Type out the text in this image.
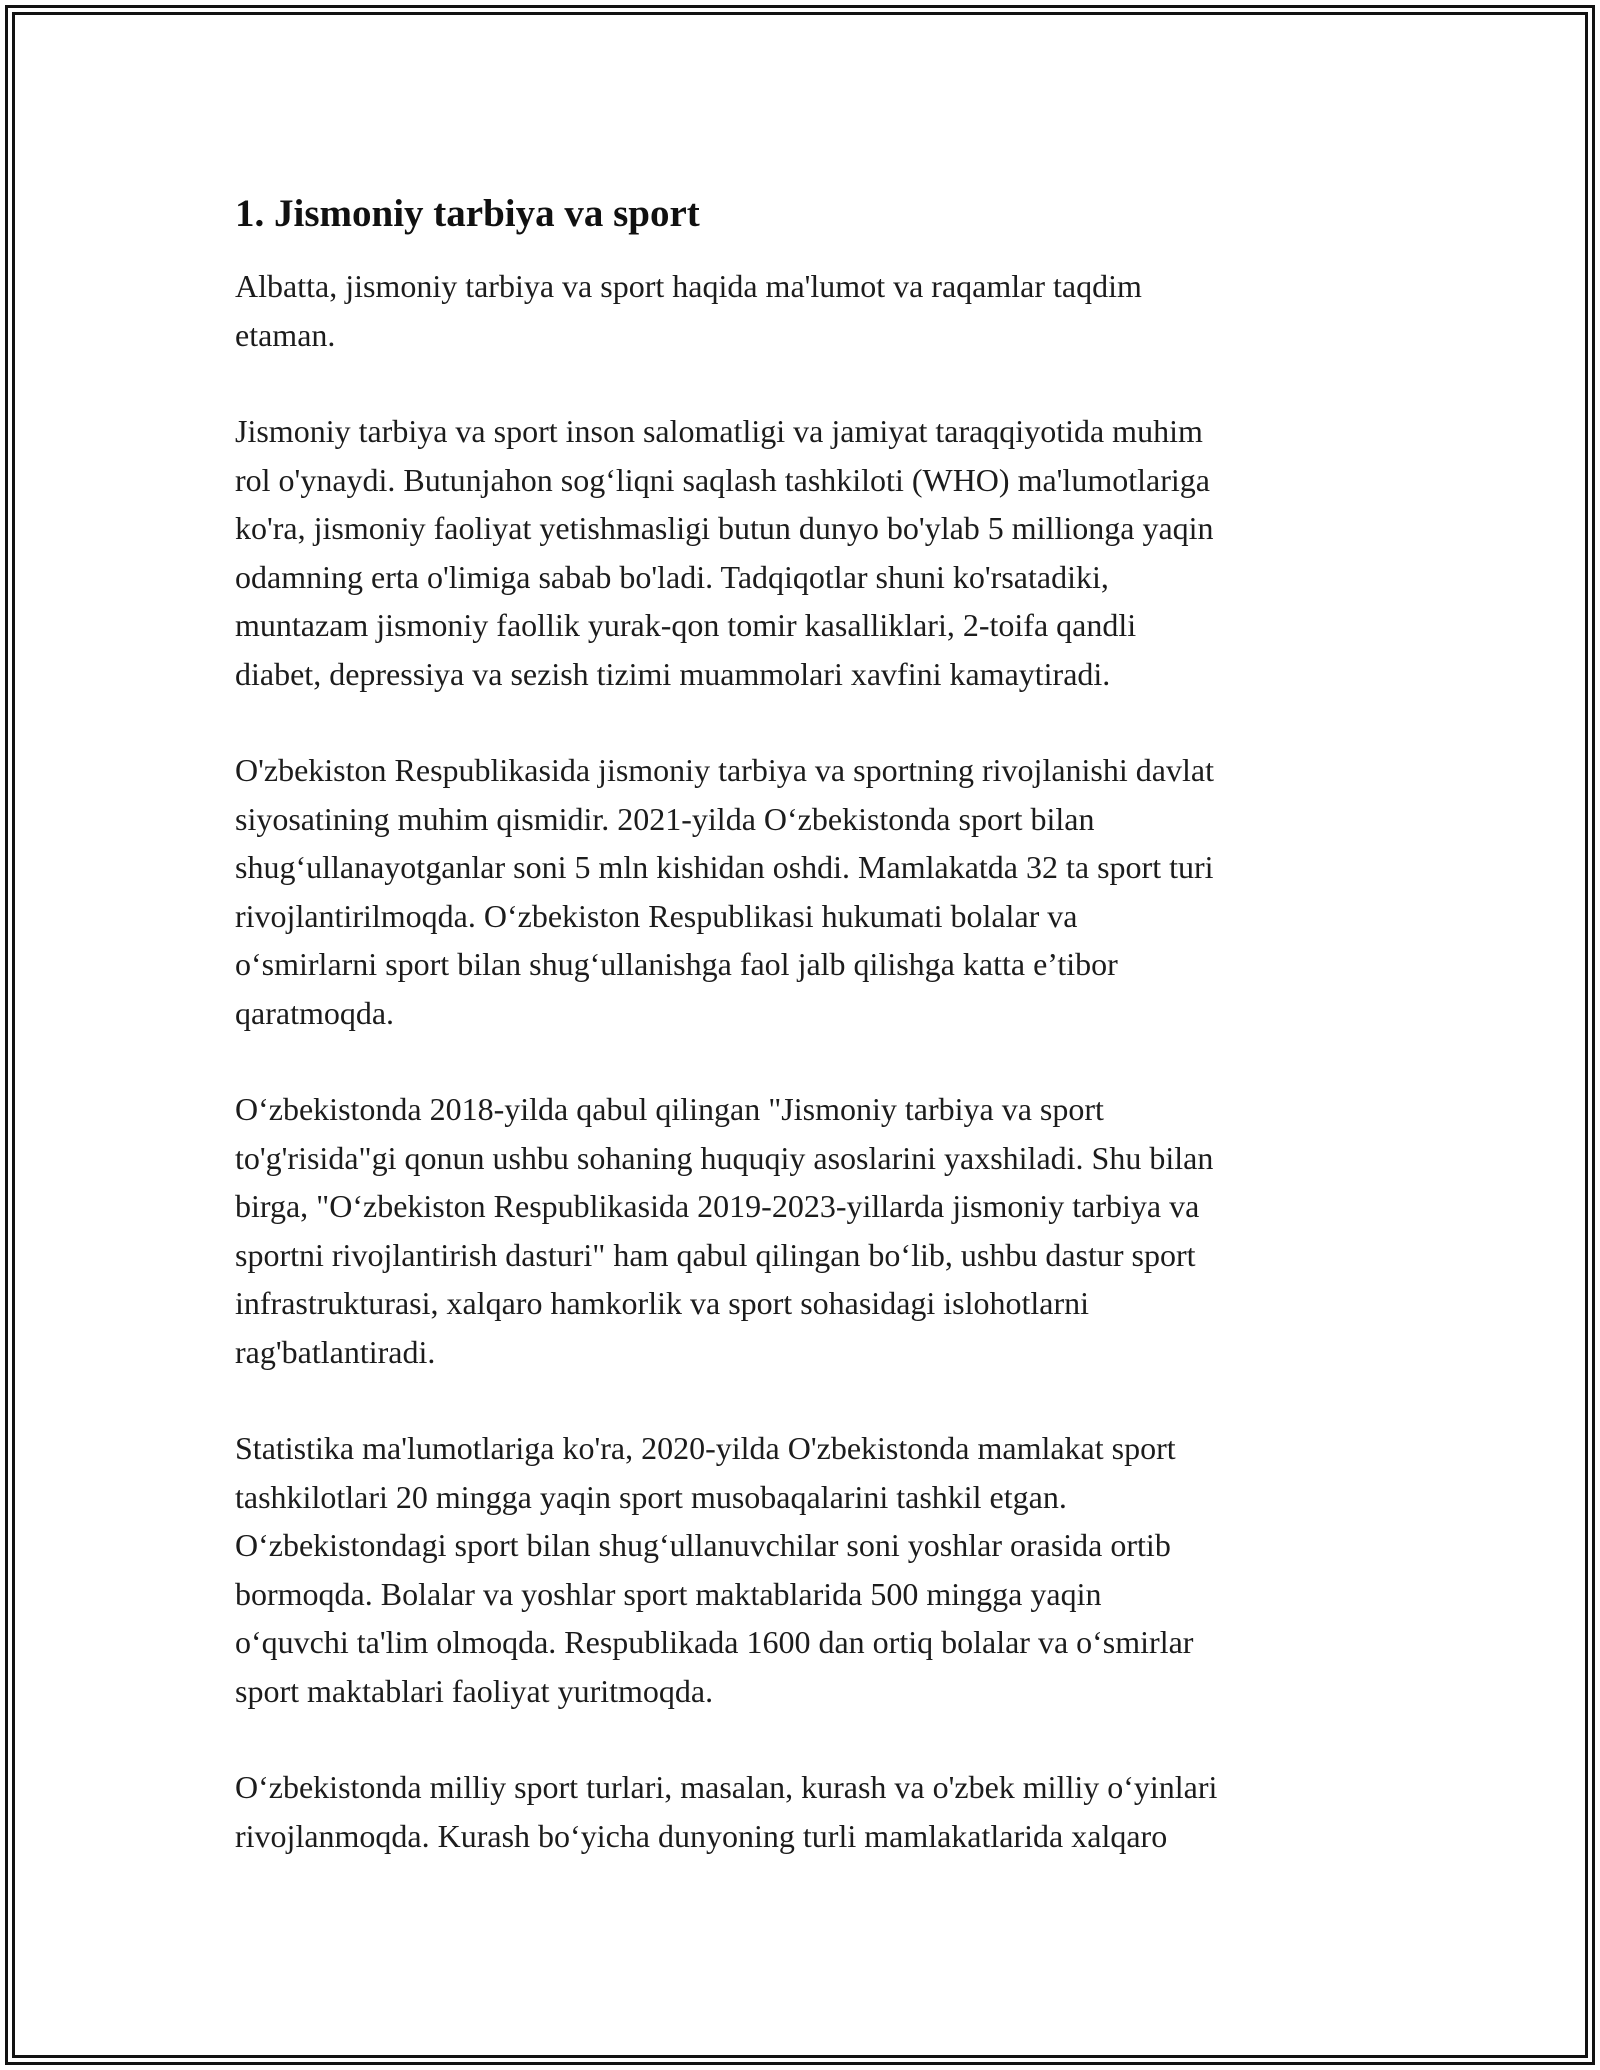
1. Jismoniy tarbiya va sport

Albatta, jismoniy tarbiya va sport haqida ma'lumot va raqamlar taqdim
etaman.

Jismoniy tarbiya va sport inson salomatligi va jamiyat taraqqiyotida muhim
rol o'ynaydi. Butunjahon sog‘liqni saqlash tashkiloti (WHO) ma'lumotlariga
ko'ra, jismoniy faoliyat yetishmasligi butun dunyo bo'ylab 5 millionga yaqin
odamning erta o'limiga sabab bo'ladi. Tadqiqotlar shuni ko'rsatadiki,
muntazam jismoniy faollik yurak-qon tomir kasalliklari, 2-toifa qandli
diabet, depressiya va sezish tizimi muammolari xavfini kamaytiradi.

O'zbekiston Respublikasida jismoniy tarbiya va sportning rivojlanishi davlat
siyosatining muhim qismidir. 2021-yilda O‘zbekistonda sport bilan
shug‘ullanayotganlar soni 5 mln kishidan oshdi. Mamlakatda 32 ta sport turi
rivojlantirilmoqda. O‘zbekiston Respublikasi hukumati bolalar va
o‘smirlarni sport bilan shug‘ullanishga faol jalb qilishga katta e’tibor
qaratmoqda.

O‘zbekistonda 2018-yilda qabul qilingan "Jismoniy tarbiya va sport
to'g'risida"gi qonun ushbu sohaning huquqiy asoslarini yaxshiladi. Shu bilan
birga, "O‘zbekiston Respublikasida 2019-2023-yillarda jismoniy tarbiya va
sportni rivojlantirish dasturi" ham qabul qilingan bo‘lib, ushbu dastur sport
infrastrukturasi, xalqaro hamkorlik va sport sohasidagi islohotlarni
rag'batlantiradi.

Statistika ma'lumotlariga ko'ra, 2020-yilda O'zbekistonda mamlakat sport
tashkilotlari 20 mingga yaqin sport musobaqalarini tashkil etgan.
O‘zbekistondagi sport bilan shug‘ullanuvchilar soni yoshlar orasida ortib
bormoqda. Bolalar va yoshlar sport maktablarida 500 mingga yaqin
o‘quvchi ta'lim olmoqda. Respublikada 1600 dan ortiq bolalar va o‘smirlar
sport maktablari faoliyat yuritmoqda.

O‘zbekistonda milliy sport turlari, masalan, kurash va o'zbek milliy o‘yinlari
rivojlanmoqda. Kurash bo‘yicha dunyoning turli mamlakatlarida xalqaro
